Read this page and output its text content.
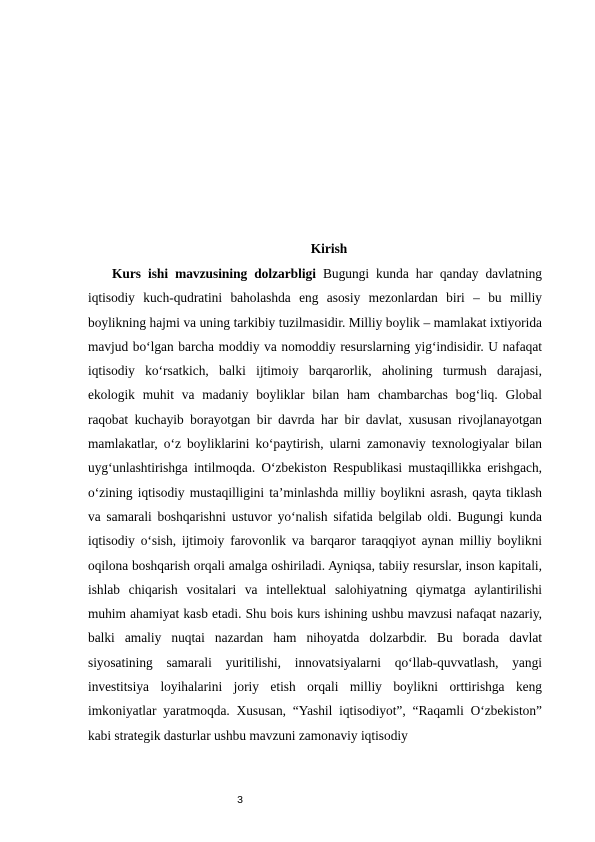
Kirish

Kurs ishi mavzusining dolzarbligi Bugungi kunda har qanday davlatning iqtisodiy kuch-qudratini baholashda eng asosiy mezonlardan biri – bu milliy boylikning hajmi va uning tarkibiy tuzilmasidir. Milliy boylik – mamlakat ixtiyorida mavjud bo‘lgan barcha moddiy va nomoddiy resurslarning yig‘indisidir. U nafaqat iqtisodiy ko‘rsatkich, balki ijtimoiy barqarorlik, aholining turmush darajasi, ekologik muhit va madaniy boyliklar bilan ham chambarchas bog‘liq. Global raqobat kuchayib borayotgan bir davrda har bir davlat, xususan rivojlanayotgan mamlakatlar, o‘z boyliklarini ko‘paytirish, ularni zamonaviy texnologiyalar bilan uyg‘unlashtirishga intilmoqda. O‘zbekiston Respublikasi mustaqillikka erishgach, o‘zining iqtisodiy mustaqilligini ta’minlashda milliy boylikni asrash, qayta tiklash va samarali boshqarishni ustuvor yo‘nalish sifatida belgilab oldi. Bugungi kunda iqtisodiy o‘sish, ijtimoiy farovonlik va barqaror taraqqiyot aynan milliy boylikni oqilona boshqarish orqali amalga oshiriladi. Ayniqsa, tabiiy resurslar, inson kapitali, ishlab chiqarish vositalari va intellektual salohiyatning qiymatga aylantirilishi muhim ahamiyat kasb etadi. Shu bois kurs ishining ushbu mavzusi nafaqat nazariy, balki amaliy nuqtai nazardan ham nihoyatda dolzarbdir. Bu borada davlat siyosatining samarali yuritilishi, innovatsiyalarni qo‘llab-quvvatlash, yangi investitsiya loyihalarini joriy etish orqali milliy boylikni orttirishga keng imkoniyatlar yaratmoqda. Xususan, “Yashil iqtisodiyot”, “Raqamli O‘zbekiston” kabi strategik dasturlar ushbu mavzuni zamonaviy iqtisodiy

3
